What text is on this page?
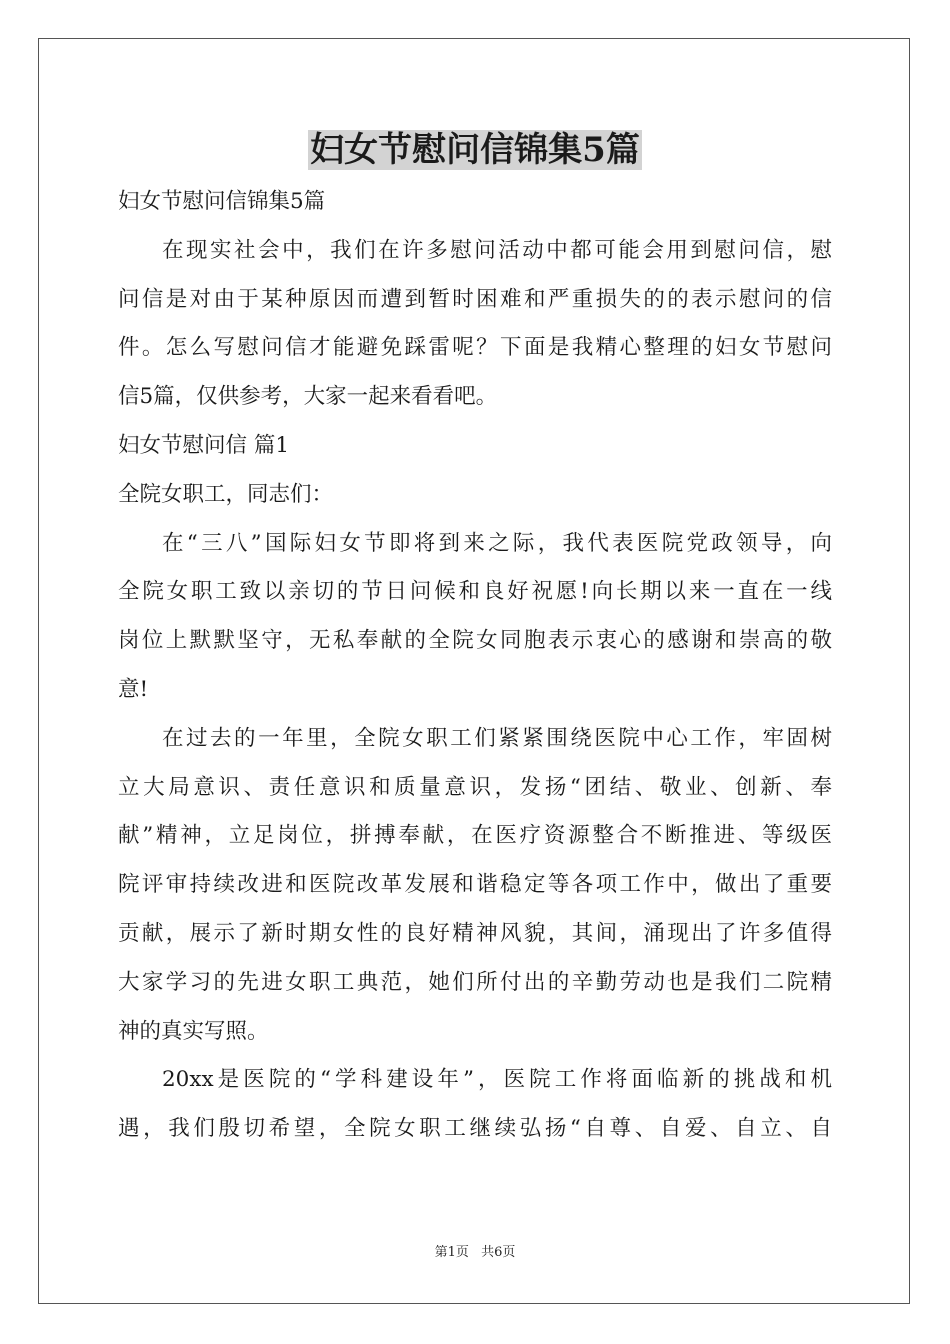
妇女节慰问信锦集5篇
妇女节慰问信锦集5篇
在现实社会中，我们在许多慰问活动中都可能会用到慰问信，慰
问信是对由于某种原因而遭到暂时困难和严重损失的的表示慰问的信
件。怎么写慰问信才能避免踩雷呢？下面是我精心整理的妇女节慰问
信5篇，仅供参考，大家一起来看看吧。
妇女节慰问信 篇1
全院女职工，同志们：
在“三八”国际妇女节即将到来之际，我代表医院党政领导，向
全院女职工致以亲切的节日问候和良好祝愿!向长期以来一直在一线
岗位上默默坚守，无私奉献的全院女同胞表示衷心的感谢和崇高的敬
意!
在过去的一年里，全院女职工们紧紧围绕医院中心工作，牢固树
立大局意识、责任意识和质量意识，发扬“团结、敬业、创新、奉
献”精神，立足岗位，拼搏奉献，在医疗资源整合不断推进、等级医
院评审持续改进和医院改革发展和谐稳定等各项工作中，做出了重要
贡献，展示了新时期女性的良好精神风貌，其间，涌现出了许多值得
大家学习的先进女职工典范，她们所付出的辛勤劳动也是我们二院精
神的真实写照。
20xx是医院的“学科建设年”，医院工作将面临新的挑战和机
遇，我们殷切希望，全院女职工继续弘扬“自尊、自爱、自立、自
第1页 共6页
